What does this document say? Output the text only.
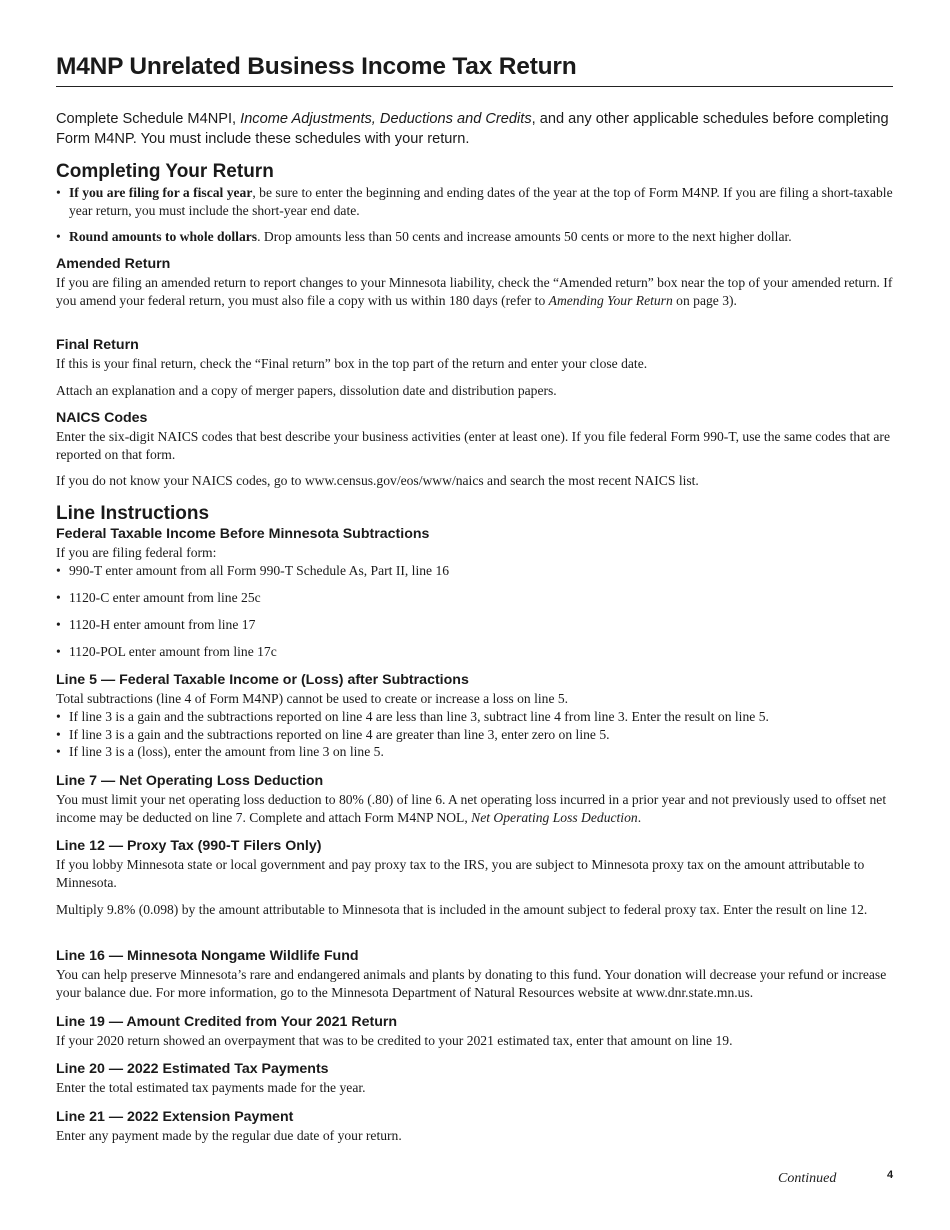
M4NP Unrelated Business Income Tax Return
Complete Schedule M4NPI, Income Adjustments, Deductions and Credits, and any other applicable schedules before completing Form M4NP. You must include these schedules with your return.
Completing Your Return
• If you are filing for a fiscal year, be sure to enter the beginning and ending dates of the year at the top of Form M4NP. If you are filing a short-taxable year return, you must include the short-year end date.
• Round amounts to whole dollars. Drop amounts less than 50 cents and increase amounts 50 cents or more to the next higher dollar.
Amended Return
If you are filing an amended return to report changes to your Minnesota liability, check the “Amended return” box near the top of your amended return. If you amend your federal return, you must also file a copy with us within 180 days (refer to Amending Your Return on page 3).
Final Return
If this is your final return, check the “Final return” box in the top part of the return and enter your close date.
Attach an explanation and a copy of merger papers, dissolution date and distribution papers.
NAICS Codes
Enter the six-digit NAICS codes that best describe your business activities (enter at least one). If you file federal Form 990-T, use the same codes that are reported on that form.
If you do not know your NAICS codes, go to www.census.gov/eos/www/naics and search the most recent NAICS list.
Line Instructions
Federal Taxable Income Before Minnesota Subtractions
If you are filing federal form:
• 990-T enter amount from all Form 990-T Schedule As, Part II, line 16
• 1120-C enter amount from line 25c
• 1120-H enter amount from line 17
• 1120-POL enter amount from line 17c
Line 5 — Federal Taxable Income or (Loss) after Subtractions
Total subtractions (line 4 of Form M4NP) cannot be used to create or increase a loss on line 5.
• If line 3 is a gain and the subtractions reported on line 4 are less than line 3, subtract line 4 from line 3. Enter the result on line 5.
• If line 3 is a gain and the subtractions reported on line 4 are greater than line 3, enter zero on line 5.
• If line 3 is a (loss), enter the amount from line 3 on line 5.
Line 7 — Net Operating Loss Deduction
You must limit your net operating loss deduction to 80% (.80) of line 6. A net operating loss incurred in a prior year and not previously used to offset net income may be deducted on line 7. Complete and attach Form M4NP NOL, Net Operating Loss Deduction.
Line 12 — Proxy Tax (990-T Filers Only)
If you lobby Minnesota state or local government and pay proxy tax to the IRS, you are subject to Minnesota proxy tax on the amount attributable to Minnesota.
Multiply 9.8% (0.098) by the amount attributable to Minnesota that is included in the amount subject to federal proxy tax. Enter the result on line 12.
Line 16 — Minnesota Nongame Wildlife Fund
You can help preserve Minnesota’s rare and endangered animals and plants by donating to this fund. Your donation will decrease your refund or increase your balance due. For more information, go to the Minnesota Department of Natural Resources website at www.dnr.state.mn.us.
Line 19 — Amount Credited from Your 2021 Return
If your 2020 return showed an overpayment that was to be credited to your 2021 estimated tax, enter that amount on line 19.
Line 20 — 2022 Estimated Tax Payments
Enter the total estimated tax payments made for the year.
Line 21 — 2022 Extension Payment
Enter any payment made by the regular due date of your return.
Continued	4
